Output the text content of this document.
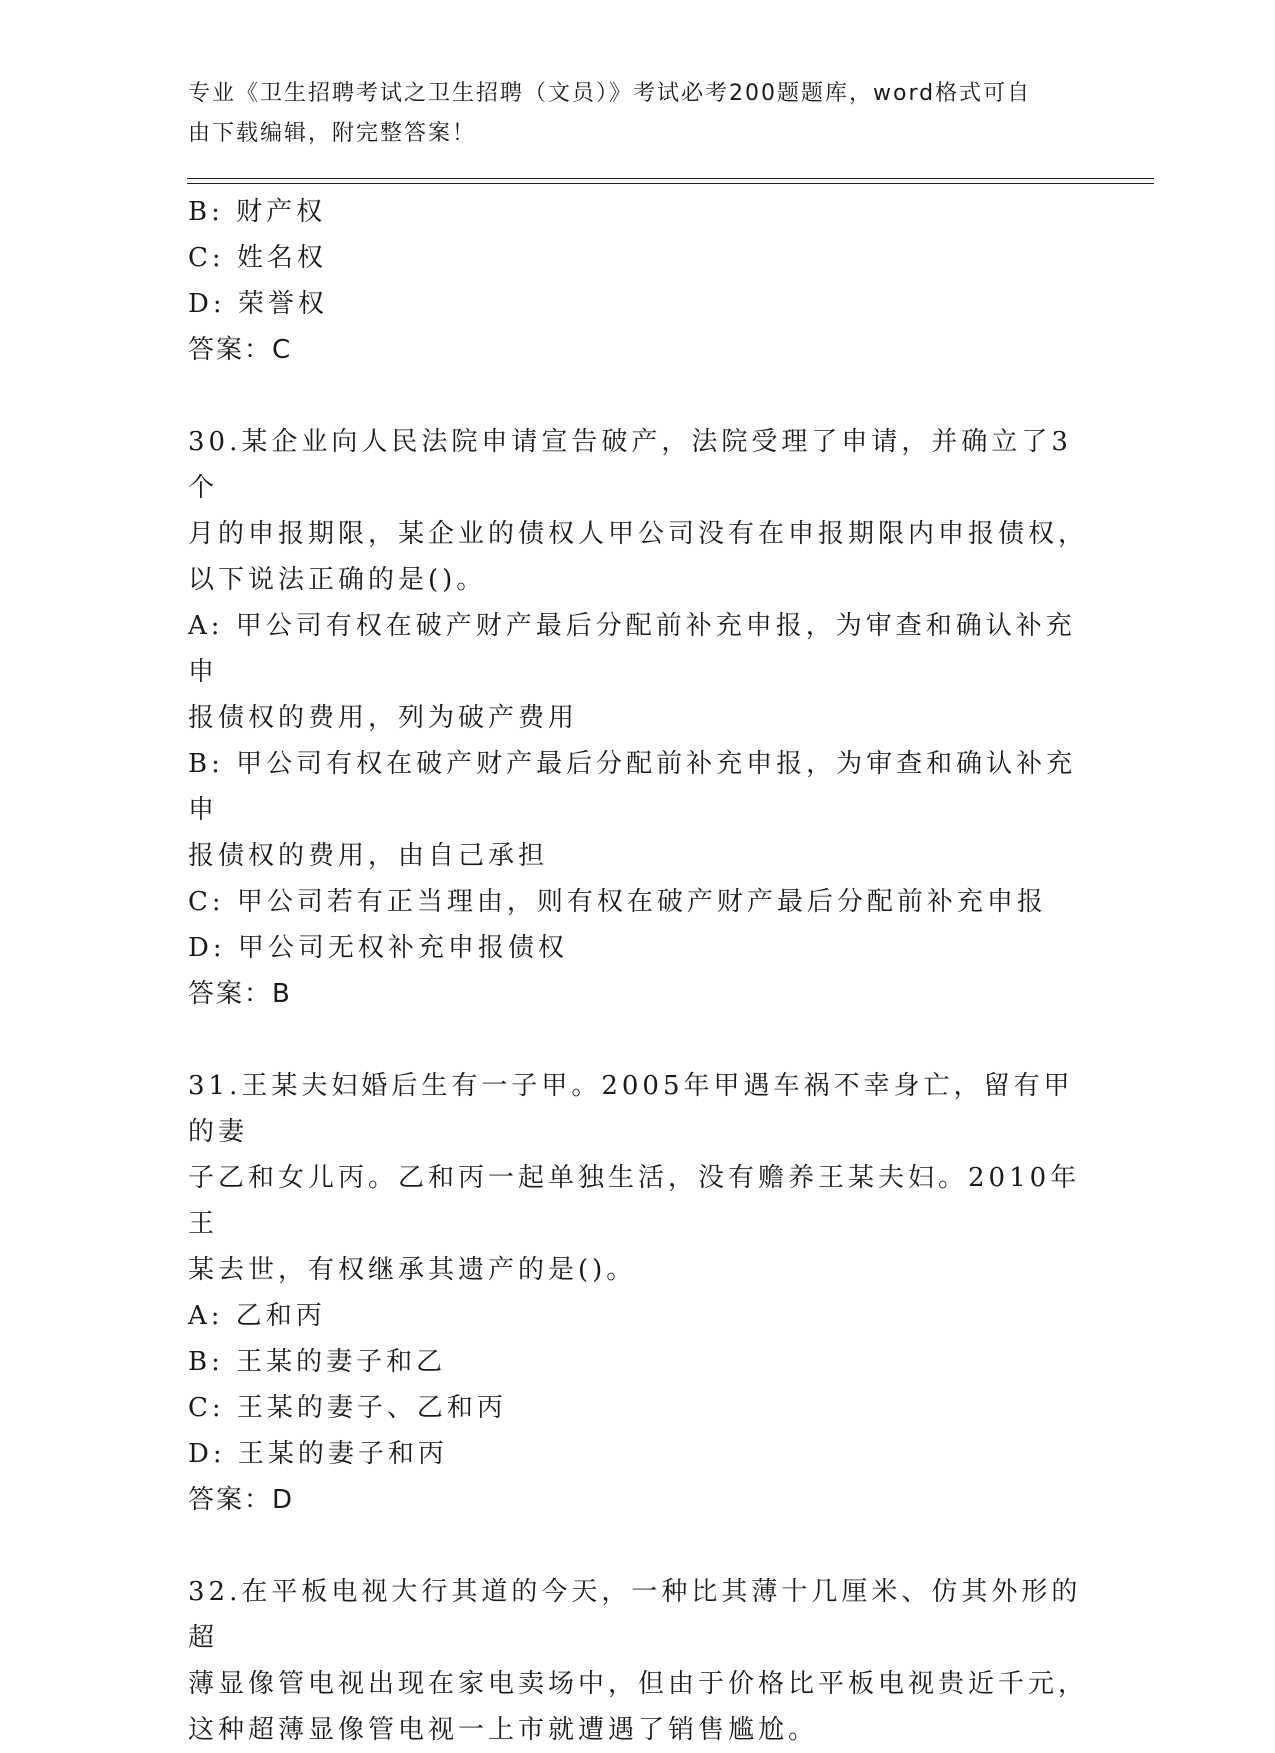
专业《卫生招聘考试之卫生招聘（文员）》考试必考200题题库，word格式可自
由下载编辑，附完整答案！
B: 财产权
C: 姓名权
D: 荣誉权
答案：C
30.某企业向人民法院申请宣告破产，法院受理了申请，并确立了3个
月的申报期限，某企业的债权人甲公司没有在申报期限内申报债权，
以下说法正确的是()。
A: 甲公司有权在破产财产最后分配前补充申报，为审查和确认补充申
报债权的费用，列为破产费用
B: 甲公司有权在破产财产最后分配前补充申报，为审查和确认补充申
报债权的费用，由自己承担
C: 甲公司若有正当理由，则有权在破产财产最后分配前补充申报
D: 甲公司无权补充申报债权
答案：B
31.王某夫妇婚后生有一子甲。2005年甲遇车祸不幸身亡，留有甲的妻
子乙和女儿丙。乙和丙一起单独生活，没有赡养王某夫妇。2010年王
某去世，有权继承其遗产的是()。
A: 乙和丙
B: 王某的妻子和乙
C: 王某的妻子、乙和丙
D: 王某的妻子和丙
答案：D
32.在平板电视大行其道的今天，一种比其薄十几厘米、仿其外形的超
薄显像管电视出现在家电卖场中，但由于价格比平板电视贵近千元，
这种超薄显像管电视一上市就遭遇了销售尴尬。
